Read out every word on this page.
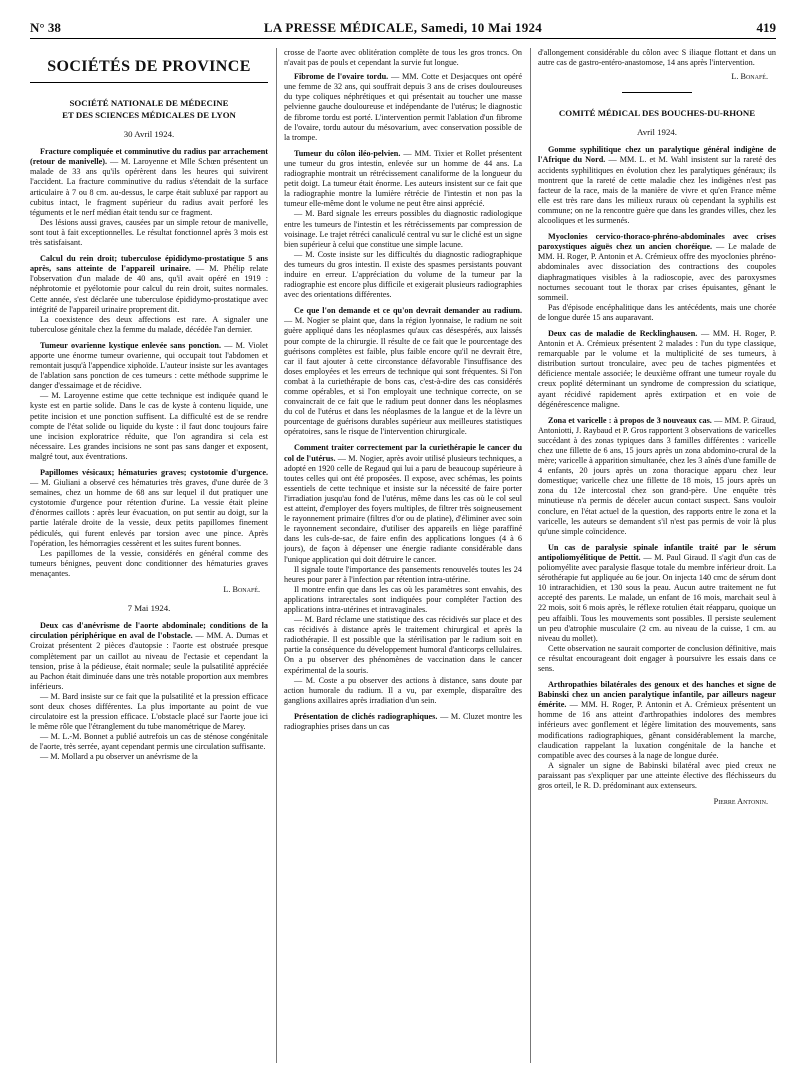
N° 38	LA PRESSE MÉDICALE, Samedi, 10 Mai 1924	419
SOCIÉTÉS DE PROVINCE
SOCIÉTÉ NATIONALE DE MÉDECINE
ET DES SCIENCES MÉDICALES DE LYON
30 Avril 1924.

Fracture compliquée et comminutive du radius par arrachement (retour de manivelle). — M. Laroyenne et Mlle Schœn présentent un malade de 33 ans qu'ils opérèrent dans les heures qui suivirent l'accident. La fracture comminutive du radius s'étendait de la surface articulaire à 7 ou 8 cm. au-dessus, le carpe était subluxé par rapport au cubitus intact, le fragment supérieur du radius avait perforé les téguments et le nerf médian était tendu sur ce fragment.

Des lésions aussi graves, causées par un simple retour de manivelle, sont tout à fait exceptionnelles. Le résultat fonctionnel après 3 mois est très satisfaisant.

Calcul du rein droit; tuberculose épididymo-prostatique 5 ans après, sans atteinte de l'appareil urinaire. — M. Phélip relate l'observation d'un malade de 40 ans, qu'il avait opéré en 1919 : néphrotomie et pyélotomie pour calcul du rein droit, suites normales. Cette année, s'est déclarée une tuberculose épididymo-prostatique avec intégrité de l'appareil urinaire proprement dit.

La coexistence des deux affections est rare. A signaler une tuberculose génitale chez la femme du malade, décédée l'an dernier.

Tumeur ovarienne kystique enlevée sans ponction. — M. Violet apporte une énorme tumeur ovarienne, qui occupait tout l'abdomen et remontait jusqu'à l'appendice xiphoïde. L'auteur insiste sur les avantages de l'ablation sans ponction de ces tumeurs : cette méthode supprime le danger d'essaimage et de récidive.

— M. Laroyenne estime que cette technique est indiquée quand le kyste est en partie solide. Dans le cas de kyste à contenu liquide, une petite incision et une ponction suffisent. La difficulté est de se rendre compte de l'état solide ou liquide du kyste : il faut donc toujours faire une incision exploratrice réduite, que l'on agrandira si cela est nécessaire. Les grandes incisions ne sont pas sans danger et exposent, malgré tout, aux éventrations.

Papillomes vésicaux; hématuries graves; cystotomie d'urgence. — M. Giuliani a observé ces hématuries très graves, d'une durée de 3 semaines, chez un homme de 68 ans sur lequel il dut pratiquer une cystotomie d'urgence pour rétention d'urine. La vessie était pleine d'énormes caillots : après leur évacuation, on put sentir au doigt, sur la partie latérale droite de la vessie, deux petits papillomes finement pédiculés, qui furent enlevés par torsion avec une pince. Après l'opération, les hémorragies cessèrent et les suites furent bonnes.

Les papillomes de la vessie, considérés en général comme des tumeurs bénignes, peuvent donc conditionner des hématuries graves menaçantes.

L. Bonafé.
7 Mai 1924.

Deux cas d'anévrisme de l'aorte abdominale; conditions de la circulation périphérique en aval de l'obstacle. — MM. A. Dumas et Croizat présentent 2 pièces d'autopsie : l'aorte est obstruée presque complètement par un caillot au niveau de l'ectasie et cependant la tension, prise à la pédieuse, était normale; seule la pulsatilité appréciée au Pachon était diminuée dans une très notable proportion aux membres inférieurs.

— M. Bard insiste sur ce fait que la pulsatilité et la pression efficace sont deux choses différentes. La plus importante au point de vue circulatoire est la pression efficace. L'obstacle placé sur l'aorte joue ici le même rôle que l'étranglement du tube manométrique de Marey.

— M. L.-M. Bonnet a publié autrefois un cas de sténose congénitale de l'aorte, très serrée, ayant cependant permis une circulation suffisante.

— M. Mollard a pu observer un anévrisme de la

crosse de l'aorte avec oblitération complète de tous les gros troncs. On n'avait pas de pouls et cependant la survie fut longue.

Fibrome de l'ovaire tordu. — MM. Cotte et Desjacques ont opéré une femme de 32 ans, qui souffrait depuis 3 ans de crises douloureuses du type coliques néphrétiques et qui présentait au toucher une masse pelvienne gauche douloureuse et indépendante de l'utérus; le diagnostic de fibrome tordu est porté. L'intervention permit l'ablation d'un fibrome de l'ovaire, tordu autour du mésovarium, avec conservation possible de la trompe.

Tumeur du côlon iléo-pelvien. — MM. Tixier et Rollet présentent une tumeur du gros intestin, enlevée sur un homme de 44 ans. La radiographie montrait un rétrécissement canaliforme de la longueur du petit doigt. La tumeur était énorme. Les auteurs insistent sur ce fait que la radiographie montre la lumière rétrécie de l'intestin et non pas la tumeur elle-même dont le volume ne peut être ainsi apprécié.

— M. Bard signale les erreurs possibles du diagnostic radiologique entre les tumeurs de l'intestin et les rétrécissements par compression de voisinage. Le trajet rétréci canaliculé central vu sur le cliché est un signe bien supérieur à celui que constitue une simple lacune.

— M. Coste insiste sur les difficultés du diagnostic radiographique des tumeurs du gros intestin. Il existe des spasmes persistants pouvant induire en erreur. L'appréciation du volume de la tumeur par la radiographie est encore plus difficile et exigerait plusieurs radiographies avec des orientations différentes.

Ce que l'on demande et ce qu'on devrait demander au radium. — M. Nogier se plaint que, dans la région lyonnaise, le radium ne soit guère appliqué dans les néoplasmes qu'aux cas désespérés, aux laissés pour compte de la chirurgie. Il résulte de ce fait que le pourcentage des guérisons complètes est faible, plus faible encore qu'il ne devrait être, car il faut ajouter à cette circonstance défavorable l'insuffisance des doses employées et les erreurs de technique qui sont fréquentes. Si l'on combat à la curiethérapie de bons cas, c'est-à-dire des cas considérés comme opérables, et si l'on employait une technique correcte, on se convaincrait de ce fait que le radium peut donner dans les néoplasmes du col de l'utérus et dans les néoplasmes de la langue et de la lèvre un pourcentage de guérisons durables supérieur aux meilleures statistiques opératoires, sans le risque de l'intervention chirurgicale.

Comment traiter correctement par la curiethérapie le cancer du col de l'utérus. — M. Nogier, après avoir utilisé plusieurs techniques, a adopté en 1920 celle de Regaud qui lui a paru de beaucoup supérieure à toutes celles qui ont été proposées. Il expose, avec schémas, les points essentiels de cette technique et insiste sur la nécessité de faire porter l'irradiation jusqu'au fond de l'utérus, même dans les cas où le col seul est atteint, d'employer des foyers multiples, de filtrer très soigneusement le rayonnement primaire (filtres d'or ou de platine), d'éliminer avec soin le rayonnement secondaire, d'utiliser des appareils en liège paraffiné dans les culs-de-sac, de faire enfin des applications longues (4 à 6 jours), de façon à dépenser une énergie radiante considérable dans l'unique application qui doit détruire le cancer.

Il signale toute l'importance des pansements renouvelés toutes les 24 heures pour parer à l'infection par rétention intra-utérine.

Il montre enfin que dans les cas où les paramètres sont envahis, des applications intrarectales sont indiquées pour compléter l'action des applications intra-utérines et intravaginales.

— M. Bard réclame une statistique des cas récidivés sur place et des cas récidivés à distance après le traitement chirurgical et après la radiothérapie. Il est possible que la stérilisation par le radium soit en partie la conséquence du développement humoral d'anticorps cellulaires. On a pu observer des phénomènes de vaccination dans le cancer expérimental de la souris.

— M. Coste a pu observer des actions à distance, sans doute par action humorale du radium. Il a vu, par exemple, disparaître des ganglions axillaires après irradiation d'un sein.

Présentation de clichés radiographiques. — M. Cluzet montre les radiographies prises dans un cas

d'allongement considérable du côlon avec S iliaque flottant et dans un autre cas de gastro-entéro-anastomose, 14 ans après l'intervention.

L. Bonafé.
COMITÉ MÉDICAL DES BOUCHES-DU-RHONE
Avril 1924.

Gomme syphilitique chez un paralytique général indigène de l'Afrique du Nord. — MM. L. et M. Wahl insistent sur la rareté des accidents syphilitiques en évolution chez les paralytiques généraux; ils montrent que la rareté de cette maladie chez les indigènes n'est pas facteur de la race, mais de la manière de vivre et qu'en France même elle est très rare dans les milieux ruraux où cependant la syphilis est commune; on ne la rencontre guère que dans les grandes villes, chez les alcooliques et les surmenés.

Myoclonies cervico-thoraco-phréno-abdominales avec crises paroxystiques aiguës chez un ancien choréique. — Le malade de MM. H. Roger, P. Antonin et A. Crémieux offre des myoclonies phréno-abdominales avec dissociation des contractions des coupoles diaphragmatiques visibles à la radioscopie, avec des paroxysmes nocturnes secouant tout le thorax par crises épuisantes, gênant le sommeil.

Pas d'épisode encéphalitique dans les antécédents, mais une chorée de longue durée 15 ans auparavant.

Deux cas de maladie de Recklinghausen. — MM. H. Roger, P. Antonin et A. Crémieux présentent 2 malades : l'un du type classique, remarquable par le volume et la multiplicité de ses tumeurs, à distribution surtout tronculaire, avec peu de taches pigmentées et déficience mentale associée; le deuxième offrant une tumeur royale du creux poplité déterminant un syndrome de compression du sciatique, ayant récidivé rapidement après extirpation et en voie de dégénérescence maligne.

Zona et varicelle : à propos de 3 nouveaux cas. — MM. P. Giraud, Antoniotti, J. Raybaud et P. Gros rapportent 3 observations de varicelles succédant à des zonas typiques dans 3 familles différentes : varicelle chez une fillette de 6 ans, 15 jours après un zona abdomino-crural de la mère; varicelle à apparition simultanée, chez les 3 aînés d'une famille de 4 enfants, 20 jours après un zona thoracique apparu chez leur domestique; varicelle chez une fillette de 18 mois, 15 jours après un zona du 12e intercostal chez son grand-père. Une enquête très minutieuse n'a permis de déceler aucun contact suspect. Sans vouloir conclure, en l'état actuel de la question, des rapports entre le zona et la varicelle, les auteurs se demandent s'il n'est pas permis de voir là plus qu'une simple coïncidence.

Un cas de paralysie spinale infantile traité par le sérum antipoliomyélitique de Pettit. — M. Paul Giraud. Il s'agit d'un cas de poliomyélite avec paralysie flasque totale du membre inférieur droit. La sérothérapie fut appliquée au 6e jour. On injecta 140 cmc de sérum dont 10 intrarachidien, et 130 sous la peau. Aucun autre traitement ne fut accepté des parents. Le malade, un enfant de 16 mois, marchait seul à 22 mois, soit 6 mois après, le réflexe rotulien était réapparu, quoique un peu affaibli. Tous les mouvements sont possibles. Il persiste seulement un peu d'atrophie musculaire (2 cm. au niveau de la cuisse, 1 cm. au niveau du mollet).

Cette observation ne saurait comporter de conclusion définitive, mais ce résultat encourageant doit engager à poursuivre les essais dans ce sens.

Arthropathies bilatérales des genoux et des hanches et signe de Babinski chez un ancien paralytique infantile, par ailleurs nageur émérite. — MM. H. Roger, P. Antonin et A. Crémieux présentent un homme de 16 ans atteint d'arthropathies indolores des membres inférieurs avec gonflement et légère limitation des mouvements, sans modifications radiographiques, gênant considérablement la marche, claudication rappelant la luxation congénitale de la hanche et compatible avec des courses à la nage de longue durée.

A signaler un signe de Babinski bilatéral avec pied creux ne paraissant pas s'expliquer par une atteinte élective des fléchisseurs du gros orteil, le R. D. prédominant aux extenseurs.

Pierre Antonin.
